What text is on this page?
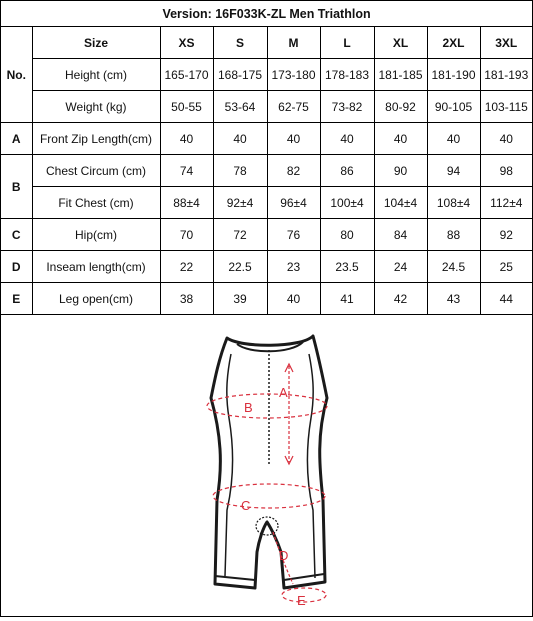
Version: 16F033K-ZL Men Triathlon								
No.	Size	XS	S	M	L	XL	2XL	3XL
	Height (cm)	165-170	168-175	173-180	178-183	181-185	181-190	181-193
	Weight (kg)	50-55	53-64	62-75	73-82	80-92	90-105	103-115
A	Front Zip Length(cm)	40	40	40	40	40	40	40
B	Chest Circum (cm)	74	78	82	86	90	94	98
	Fit Chest (cm)	88±4	92±4	96±4	100±4	104±4	108±4	112±4
C	Hip(cm)	70	72	76	80	84	88	92
D	Inseam length(cm)	22	22.5	23	23.5	24	24.5	25
E	Leg open(cm)	38	39	40	41	42	43	44
A
B
C
D
E
